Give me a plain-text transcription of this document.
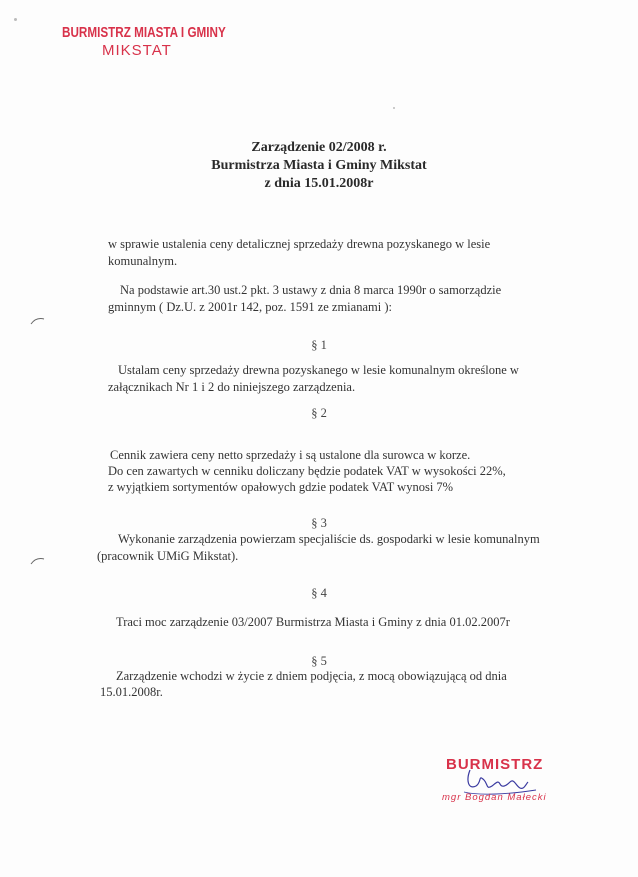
BURMISTRZ MIASTA I GMINY
MIKSTAT
Zarządzenie 02/2008 r.
Burmistrza Miasta i Gminy Mikstat
z dnia 15.01.2008r
w sprawie ustalenia ceny detalicznej sprzedaży drewna pozyskanego w lesie
komunalnym.
Na podstawie art.30 ust.2 pkt. 3 ustawy z dnia 8 marca 1990r o samorządzie
gminnym ( Dz.U. z 2001r 142, poz. 1591 ze zmianami ):
§ 1
Ustalam ceny sprzedaży drewna pozyskanego w lesie komunalnym określone w
załącznikach Nr 1 i 2 do niniejszego zarządzenia.
§ 2
Cennik zawiera ceny netto sprzedaży i są ustalone dla surowca w korze.
Do cen zawartych w cenniku doliczany będzie podatek VAT w wysokości 22%,
z wyjątkiem sortymentów opałowych gdzie podatek VAT wynosi 7%
§ 3
Wykonanie zarządzenia powierzam specjaliście ds. gospodarki w lesie komunalnym
(pracownik UMiG Mikstat).
§ 4
Traci moc zarządzenie 03/2007 Burmistrza Miasta i Gminy z dnia 01.02.2007r
§ 5
Zarządzenie wchodzi w życie z dniem podjęcia, z mocą obowiązującą od dnia
15.01.2008r.
BURMISTRZ
mgr Bogdan Małecki
